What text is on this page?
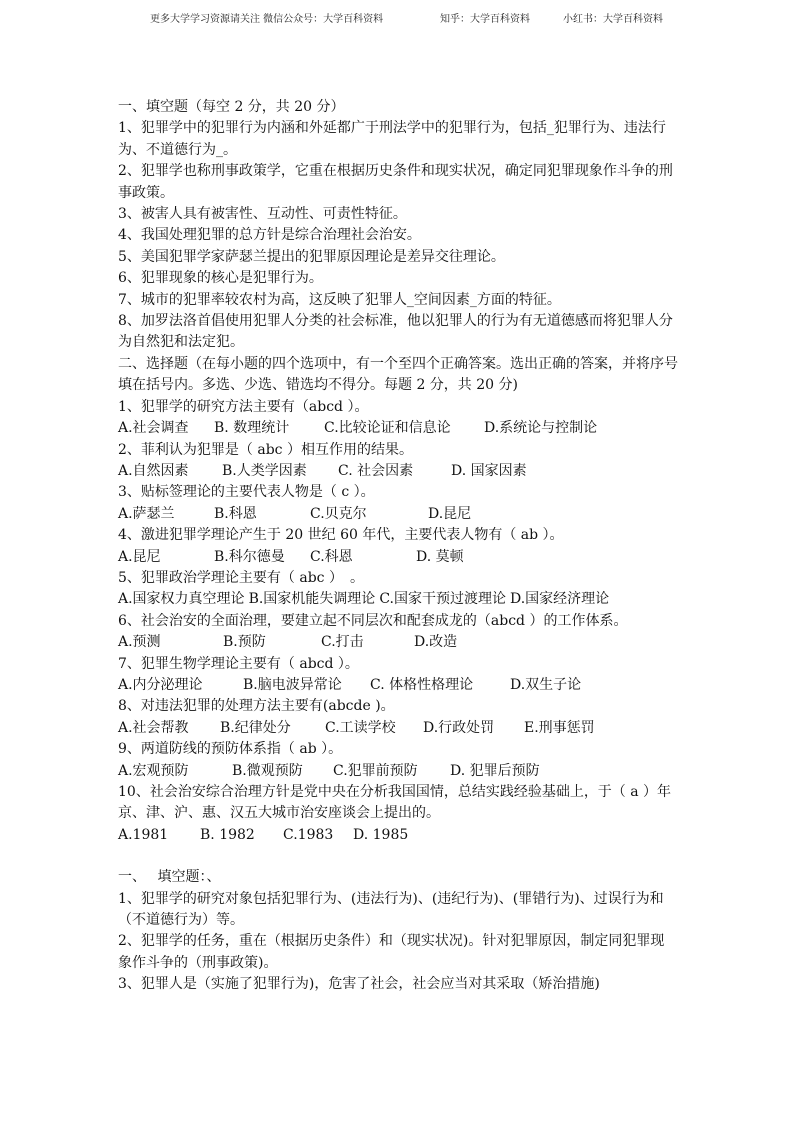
更多大学学习资源请关注 微信公众号：大学百科资料	知乎：大学百科资料	小红书：大学百科资料

一、填空题（每空 2 分，共 20 分）

1、犯罪学中的犯罪行为内涵和外延都广于刑法学中的犯罪行为，包括_犯罪行为、违法行为、不道德行为_。

2、犯罪学也称刑事政策学，它重在根据历史条件和现实状况，确定同犯罪现象作斗争的刑事政策。

3、被害人具有被害性、互动性、可责性特征。

4、我国处理犯罪的总方针是综合治理社会治安。

5、美国犯罪学家萨瑟兰提出的犯罪原因理论是差异交往理论。

6、犯罪现象的核心是犯罪行为。

7、城市的犯罪率较农村为高，这反映了犯罪人_空间因素_方面的特征。

8、加罗法洛首倡使用犯罪人分类的社会标准，他以犯罪人的行为有无道德感而将犯罪人分为自然犯和法定犯。

二、选择题（在每小题的四个选项中，有一个至四个正确答案。选出正确的答案，并将序号填在括号内。多选、少选、错选均不得分。每题 2 分，共 20 分)

1、犯罪学的研究方法主要有（abcd ）。

A.社会调查	B. 数理统计	C.比较论证和信息论	D.系统论与控制论

2、菲利认为犯罪是（ abc ）相互作用的结果。

A.自然因素	B.人类学因素	C. 社会因素	D. 国家因素

3、贴标签理论的主要代表人物是（ c ）。

A.萨瑟兰	B.科恩	C.贝克尔	D.昆尼

4、激进犯罪学理论产生于 20 世纪 60 年代，主要代表人物有（ ab ）。

A.昆尼	B.科尔德曼	C.科恩	D. 莫顿

5、犯罪政治学理论主要有（ abc ）　。

A.国家权力真空理论 B.国家机能失调理论 C.国家干预过渡理论 D.国家经济理论

6、社会治安的全面治理，要建立起不同层次和配套成龙的（abcd ）的工作体系。

A.预测	B.预防	C.打击	D.改造

7、犯罪生物学理论主要有（ abcd ）。

A.内分泌理论	B.脑电波异常论	C. 体格性格理论	D.双生子论

8、对违法犯罪的处理方法主要有(abcde )。

A.社会帮教	B.纪律处分	C.工读学校	D.行政处罚	E.刑事惩罚

9、两道防线的预防体系指（ ab ）。

A.宏观预防	B.微观预防	C.犯罪前预防	D. 犯罪后预防

10、社会治安综合治理方针是党中央在分析我国国情，总结实践经验基础上，于（ a ）年京、津、沪、惠、汉五大城市治安座谈会上提出的。

A.1981	B. 1982	C.1983	D. 1985

一、　 填空题：、

1、犯罪学的研究对象包括犯罪行为、(违法行为)、(违纪行为)、(罪错行为)、过误行为和（不道德行为）等。

2、犯罪学的任务，重在（根据历史条件）和（现实状况)。针对犯罪原因，制定同犯罪现象作斗争的（刑事政策)。

3、犯罪人是（实施了犯罪行为)，危害了社会，社会应当对其采取（矫治措施)
